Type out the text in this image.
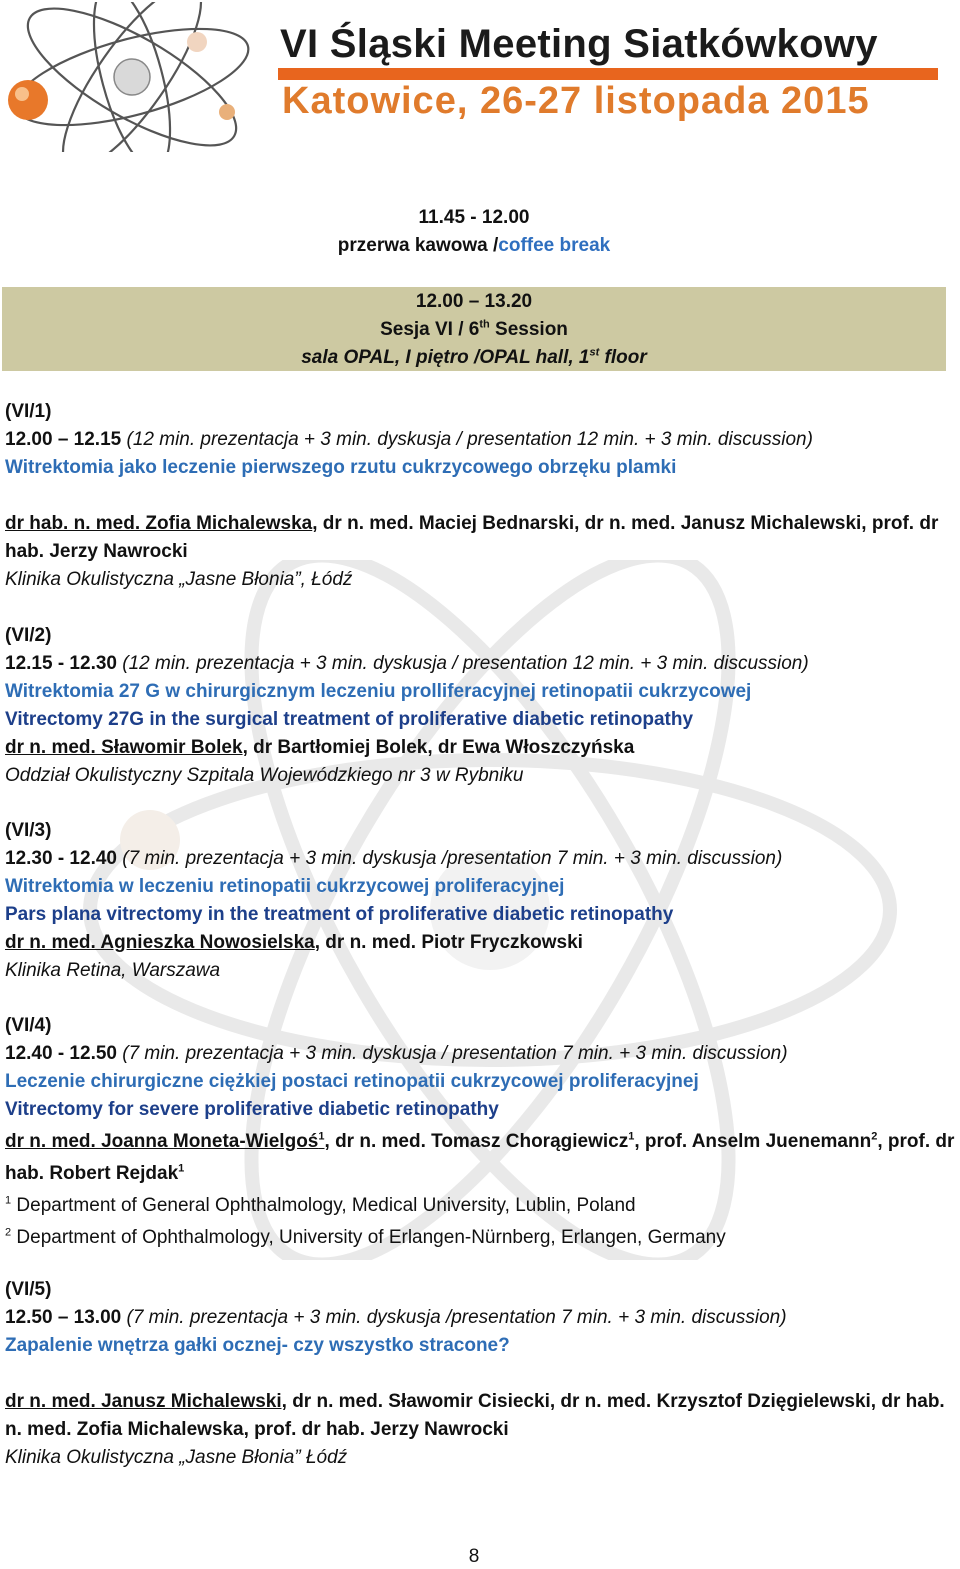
VI Śląski Meeting Siatkówkowy
Katowice, 26-27 listopada 2015
11.45 - 12.00
przerwa kawowa /coffee break
12.00 – 13.20
Sesja VI / 6th Session
sala OPAL, I piętro /OPAL hall, 1st floor
(VI/1)
12.00 – 12.15 (12 min. prezentacja + 3 min. dyskusja / presentation 12 min. + 3 min. discussion)
Witrektomia jako leczenie pierwszego rzutu cukrzycowego obrzęku plamki
dr hab. n. med. Zofia Michalewska, dr n. med. Maciej Bednarski, dr n. med. Janusz Michalewski, prof. dr hab. Jerzy Nawrocki
Klinika Okulistyczna „Jasne Błonia”, Łódź
(VI/2)
12.15 - 12.30 (12 min. prezentacja + 3 min. dyskusja / presentation 12 min. + 3 min. discussion)
Witrektomia 27 G w chirurgicznym leczeniu prolliferacyjnej retinopatii cukrzycowej
Vitrectomy 27G in the surgical treatment of proliferative diabetic retinopathy
dr n. med. Sławomir Bolek, dr Bartłomiej Bolek, dr Ewa Włoszczyńska
Oddział Okulistyczny Szpitala Wojewódzkiego nr 3 w Rybniku
(VI/3)
12.30 - 12.40 (7 min. prezentacja + 3 min. dyskusja /presentation 7 min. + 3 min. discussion)
Witrektomia w leczeniu retinopatii cukrzycowej proliferacyjnej
Pars plana vitrectomy in the treatment of proliferative diabetic retinopathy
dr n. med. Agnieszka Nowosielska, dr n. med. Piotr Fryczkowski
Klinika Retina, Warszawa
(VI/4)
12.40 - 12.50 (7 min. prezentacja + 3 min. dyskusja / presentation 7 min. + 3 min. discussion)
Leczenie chirurgiczne ciężkiej postaci retinopatii cukrzycowej proliferacyjnej
Vitrectomy for severe proliferative diabetic retinopathy
dr n. med. Joanna Moneta-Wielgoś$^1$, dr n. med. Tomasz Chorągiewicz$^1$, prof. Anselm Juenemann$^2$, prof. dr hab. Robert Rejdak$^1$
$^1$ Department of General Ophthalmology, Medical University, Lublin, Poland
$^2$ Department of Ophthalmology, University of Erlangen-Nürnberg, Erlangen, Germany
(VI/5)
12.50 – 13.00 (7 min. prezentacja + 3 min. dyskusja /presentation 7 min. + 3 min. discussion)
Zapalenie wnętrza gałki ocznej- czy wszystko stracone?
dr n. med. Janusz Michalewski, dr n. med. Sławomir Cisiecki, dr n. med. Krzysztof Dzięgielewski, dr hab. n. med. Zofia Michalewska, prof. dr hab. Jerzy Nawrocki
Klinika Okulistyczna „Jasne Błonia” Łódź
8
